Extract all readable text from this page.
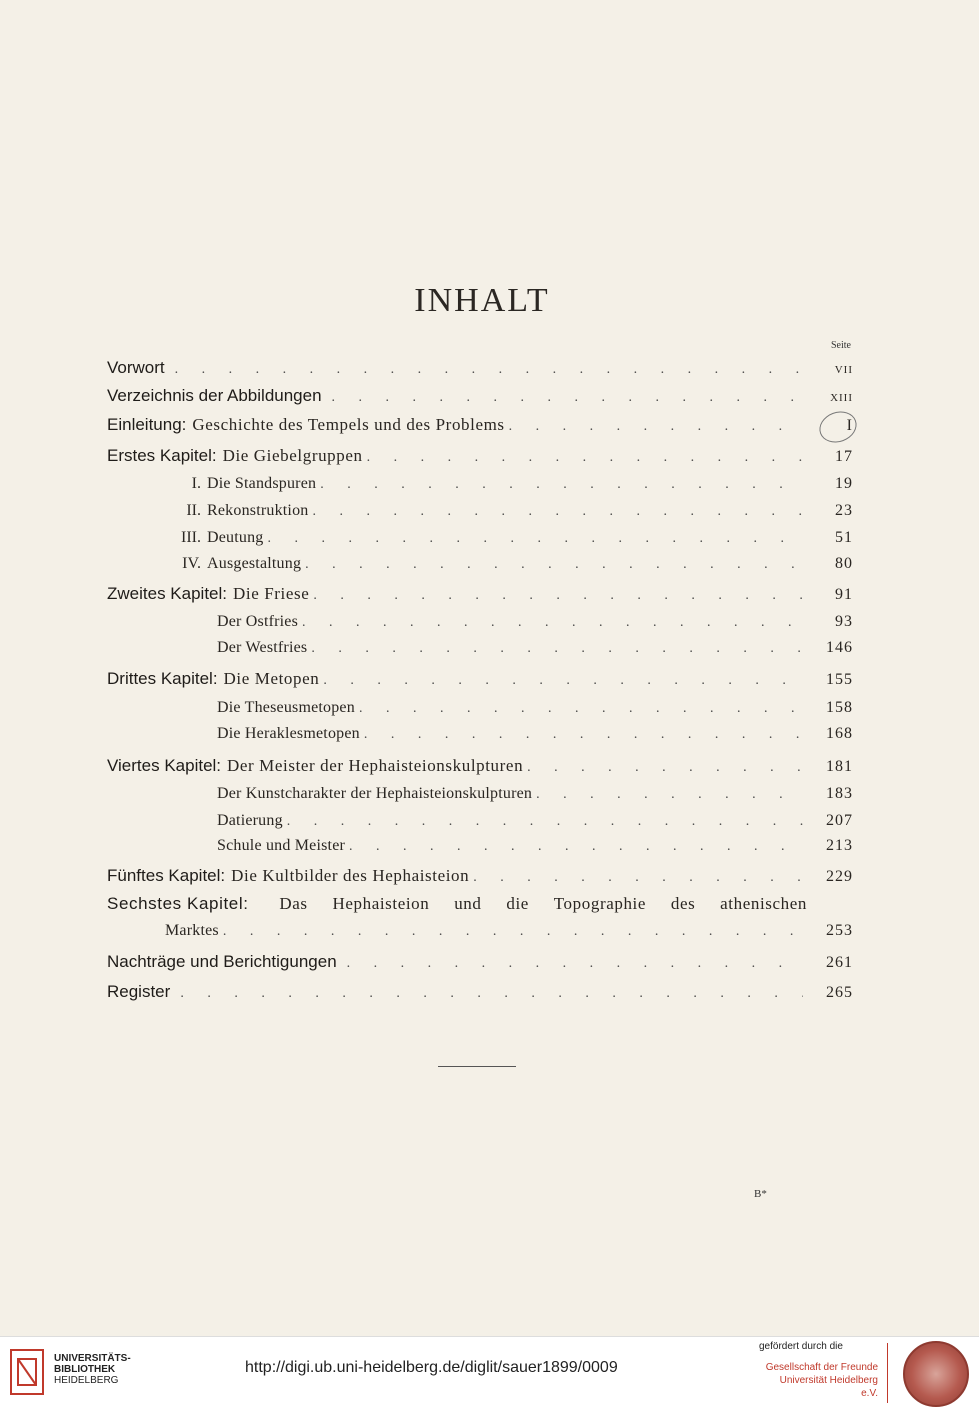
INHALT
Seite
Vorwort . . .	VII
Verzeichnis der Abbildungen . . .	XIII
Einleitung: Geschichte des Tempels und des Problems . . .	I
Erstes Kapitel: Die Giebelgruppen . . .	17
I. Die Standspuren . . .	19
II. Rekonstruktion . . .	23
III. Deutung . . .	51
IV. Ausgestaltung . . .	80
Zweites Kapitel: Die Friese . . .	91
Der Ostfries . . .	93
Der Westfries . . .	146
Drittes Kapitel: Die Metopen . . .	155
Die Theseusmetopen . . .	158
Die Heraklesmetopen . . .	168
Viertes Kapitel: Der Meister der Hephaisteionskulpturen . . .	181
Der Kunstcharakter der Hephaisteionskulpturen . . .	183
Datierung . . .	207
Schule und Meister . . .	213
Fünftes Kapitel: Die Kultbilder des Hephaisteion . . .	229
Sechstes Kapitel: Das Hephaisteion und die Topographie des athenischen
Marktes . . .	253
Nachträge und Berichtigungen . . .	261
Register . . .	265
B*
UNIVERSITÄTS-
BIBLIOTHEK
HEIDELBERG
http://digi.ub.uni-heidelberg.de/diglit/sauer1899/0009
gefördert durch die
Gesellschaft der Freunde
Universität Heidelberg e.V.
